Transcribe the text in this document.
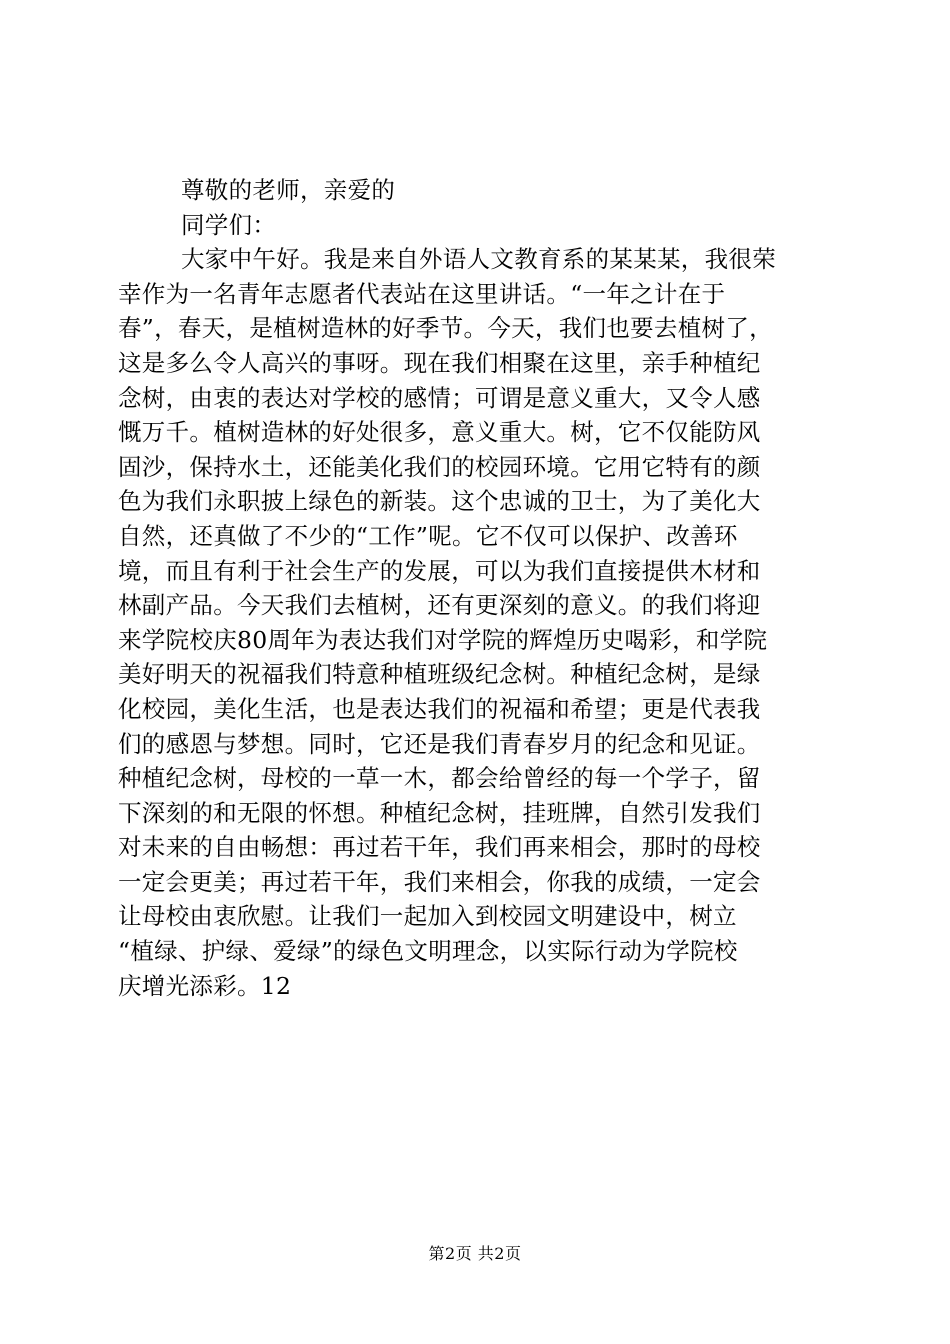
尊敬的老师，亲爱的

同学们：

大家中午好。我是来自外语人文教育系的某某某，我很荣

幸作为一名青年志愿者代表站在这里讲话。“一年之计在于

春”，春天，是植树造林的好季节。今天，我们也要去植树了，

这是多么令人高兴的事呀。现在我们相聚在这里，亲手种植纪

念树，由衷的表达对学校的感情；可谓是意义重大，又令人感

慨万千。植树造林的好处很多，意义重大。树，它不仅能防风

固沙，保持水土，还能美化我们的校园环境。它用它特有的颜

色为我们永职披上绿色的新装。这个忠诚的卫士，为了美化大

自然，还真做了不少的“工作”呢。它不仅可以保护、改善环

境，而且有利于社会生产的发展，可以为我们直接提供木材和

林副产品。今天我们去植树，还有更深刻的意义。的我们将迎

来学院校庆80周年为表达我们对学院的辉煌历史喝彩，和学院

美好明天的祝福我们特意种植班级纪念树。种植纪念树，是绿

化校园，美化生活，也是表达我们的祝福和希望；更是代表我

们的感恩与梦想。同时，它还是我们青春岁月的纪念和见证。

种植纪念树，母校的一草一木，都会给曾经的每一个学子，留

下深刻的和无限的怀想。种植纪念树，挂班牌，自然引发我们

对未来的自由畅想：再过若干年，我们再来相会，那时的母校

一定会更美；再过若干年，我们来相会，你我的成绩，一定会

让母校由衷欣慰。让我们一起加入到校园文明建设中，树立

“植绿、护绿、爱绿”的绿色文明理念，以实际行动为学院校

庆增光添彩。12

第2页 共2页
